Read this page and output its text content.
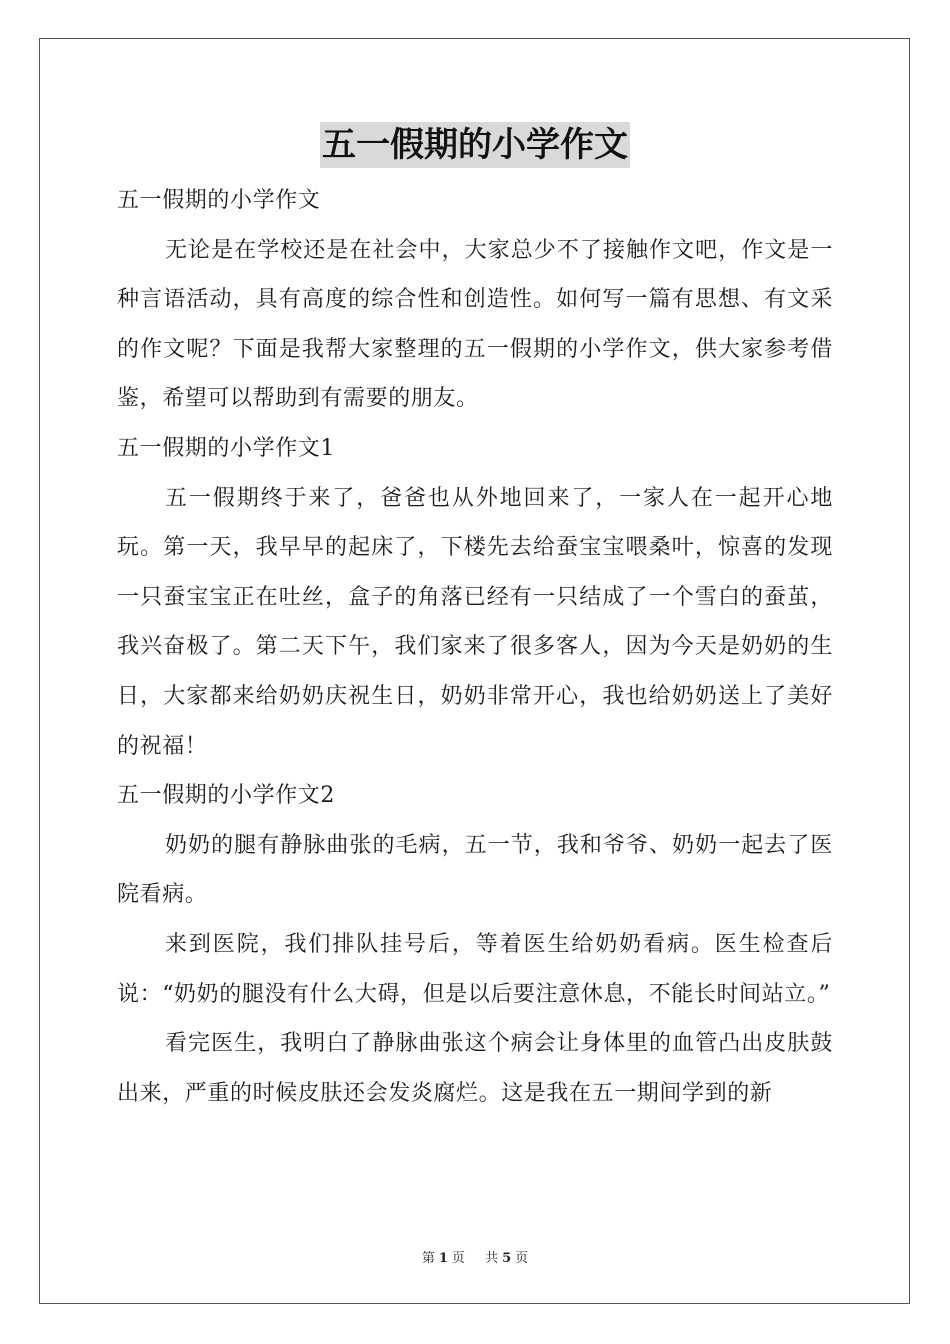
五一假期的小学作文
五一假期的小学作文
无论是在学校还是在社会中，大家总少不了接触作文吧，作文是一种言语活动，具有高度的综合性和创造性。如何写一篇有思想、有文采的作文呢？下面是我帮大家整理的五一假期的小学作文，供大家参考借鉴，希望可以帮助到有需要的朋友。
五一假期的小学作文1
五一假期终于来了，爸爸也从外地回来了，一家人在一起开心地玩。第一天，我早早的起床了，下楼先去给蚕宝宝喂桑叶，惊喜的发现一只蚕宝宝正在吐丝，盒子的角落已经有一只结成了一个雪白的蚕茧，我兴奋极了。第二天下午，我们家来了很多客人，因为今天是奶奶的生日，大家都来给奶奶庆祝生日，奶奶非常开心，我也给奶奶送上了美好的祝福！
五一假期的小学作文2
奶奶的腿有静脉曲张的毛病，五一节，我和爷爷、奶奶一起去了医院看病。
来到医院，我们排队挂号后，等着医生给奶奶看病。医生检查后说：“奶奶的腿没有什么大碍，但是以后要注意休息，不能长时间站立。”
看完医生，我明白了静脉曲张这个病会让身体里的血管凸出皮肤鼓出来，严重的时候皮肤还会发炎腐烂。这是我在五一期间学到的新
第 1 页 共 5 页
